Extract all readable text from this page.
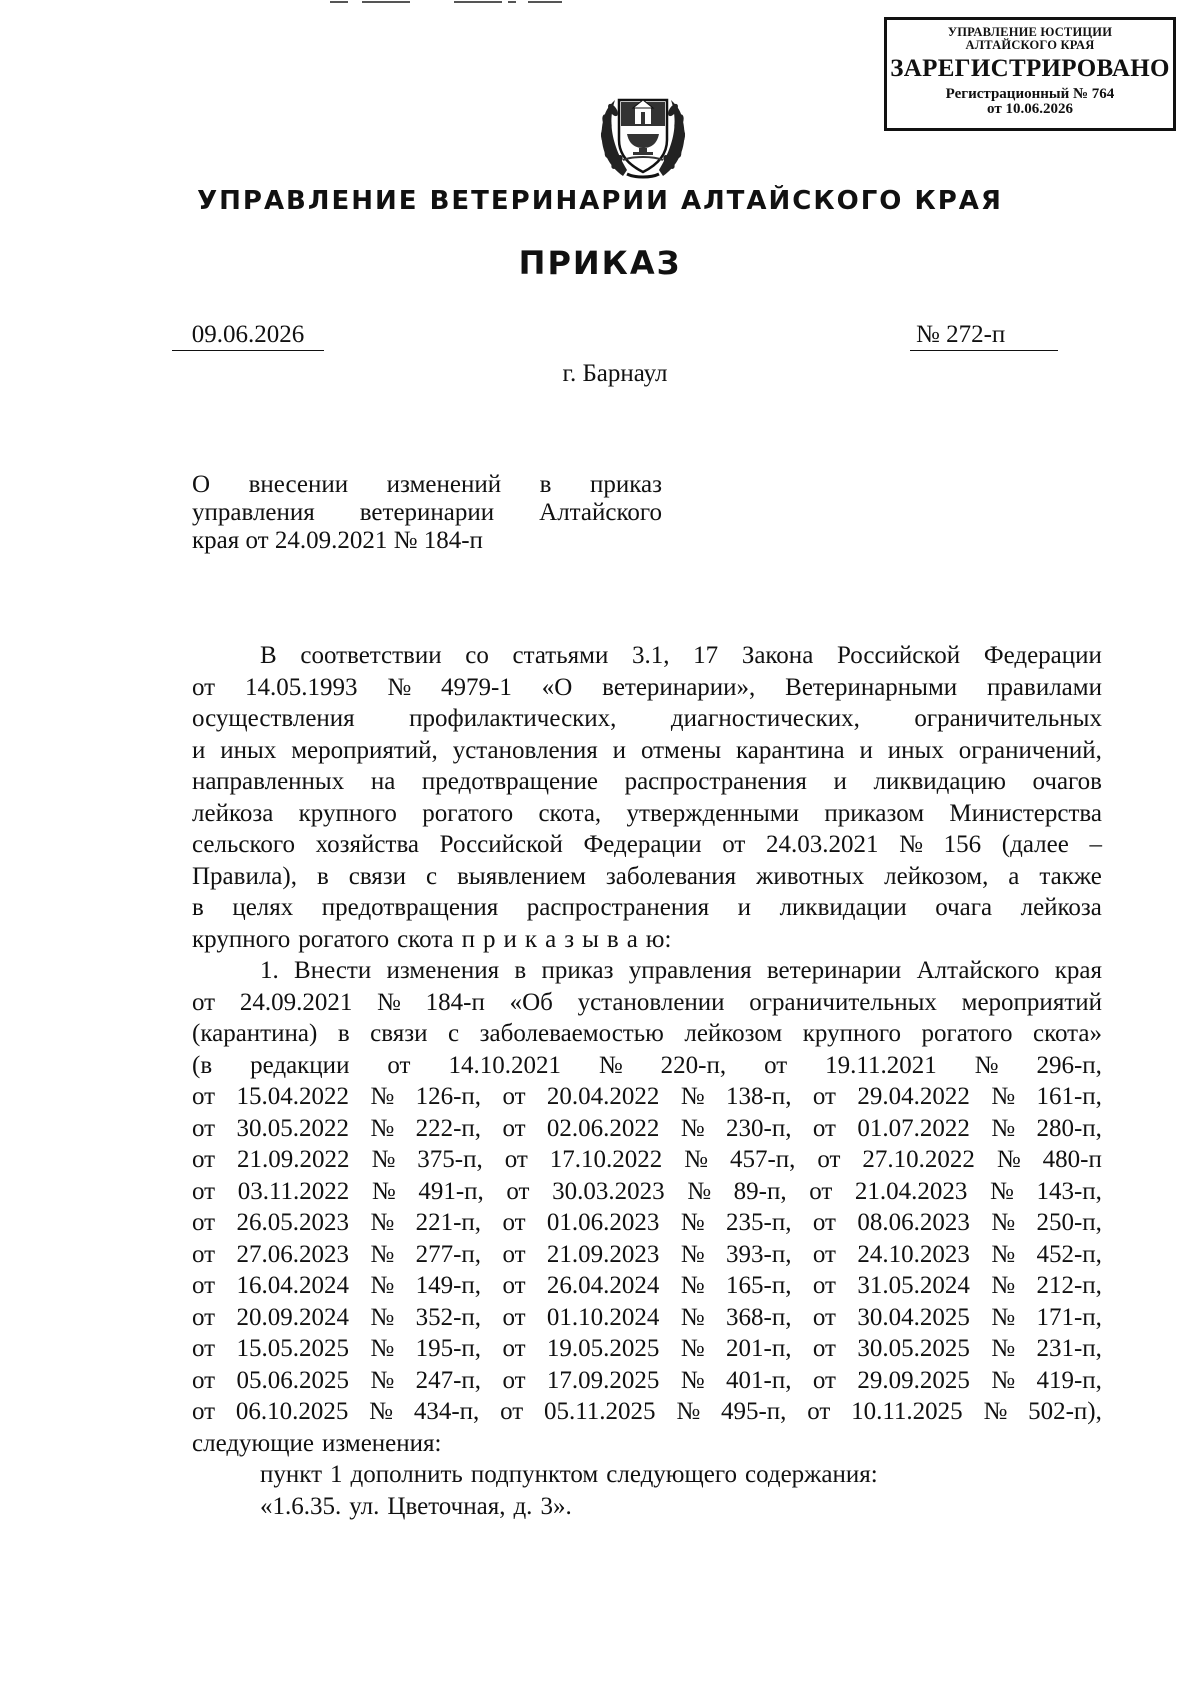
УПРАВЛЕНИЕ ЮСТИЦИИ
АЛТАЙСКОГО КРАЯ
ЗАРЕГИСТРИРОВАНО
Регистрационный № 764
от 10.06.2026
УПРАВЛЕНИЕ ВЕТЕРИНАРИИ АЛТАЙСКОГО КРАЯ
ПРИКАЗ
09.06.2026	№ 272-п
г. Барнаул
О внесении изменений в приказ
управления ветеринарии Алтайского
края от 24.09.2021 № 184-п
В соответствии со статьями 3.1, 17 Закона Российской Федерации
от 14.05.1993 № 4979-1 «О ветеринарии», Ветеринарными правилами
осуществления профилактических, диагностических, ограничительных
и иных мероприятий, установления и отмены карантина и иных ограничений,
направленных на предотвращение распространения и ликвидацию очагов
лейкоза крупного рогатого скота, утвержденными приказом Министерства
сельского хозяйства Российской Федерации от 24.03.2021 № 156 (далее –
Правила), в связи с выявлением заболевания животных лейкозом, а также
в целях предотвращения распространения и ликвидации очага лейкоза
крупного рогатого скота п р и к а з ы в а ю:
1. Внести изменения в приказ управления ветеринарии Алтайского края
от 24.09.2021 № 184-п «Об установлении ограничительных мероприятий
(карантина) в связи с заболеваемостью лейкозом крупного рогатого скота»
(в редакции от 14.10.2021 № 220-п, от 19.11.2021 № 296-п,
от 15.04.2022 № 126-п, от 20.04.2022 № 138-п, от 29.04.2022 № 161-п,
от 30.05.2022 № 222-п, от 02.06.2022 № 230-п, от 01.07.2022 № 280-п,
от 21.09.2022 № 375-п, от 17.10.2022 № 457-п, от 27.10.2022 № 480-п
от 03.11.2022 № 491-п, от 30.03.2023 № 89-п, от 21.04.2023 № 143-п,
от 26.05.2023 № 221-п, от 01.06.2023 № 235-п, от 08.06.2023 № 250-п,
от 27.06.2023 № 277-п, от 21.09.2023 № 393-п, от 24.10.2023 № 452-п,
от 16.04.2024 № 149-п, от 26.04.2024 № 165-п, от 31.05.2024 № 212-п,
от 20.09.2024 № 352-п, от 01.10.2024 № 368-п, от 30.04.2025 № 171-п,
от 15.05.2025 № 195-п, от 19.05.2025 № 201-п, от 30.05.2025 № 231-п,
от 05.06.2025 № 247-п, от 17.09.2025 № 401-п, от 29.09.2025 № 419-п,
от 06.10.2025 № 434-п, от 05.11.2025 № 495-п, от 10.11.2025 № 502-п),
следующие изменения:
пункт 1 дополнить подпунктом следующего содержания:
«1.6.35. ул. Цветочная, д. 3».
